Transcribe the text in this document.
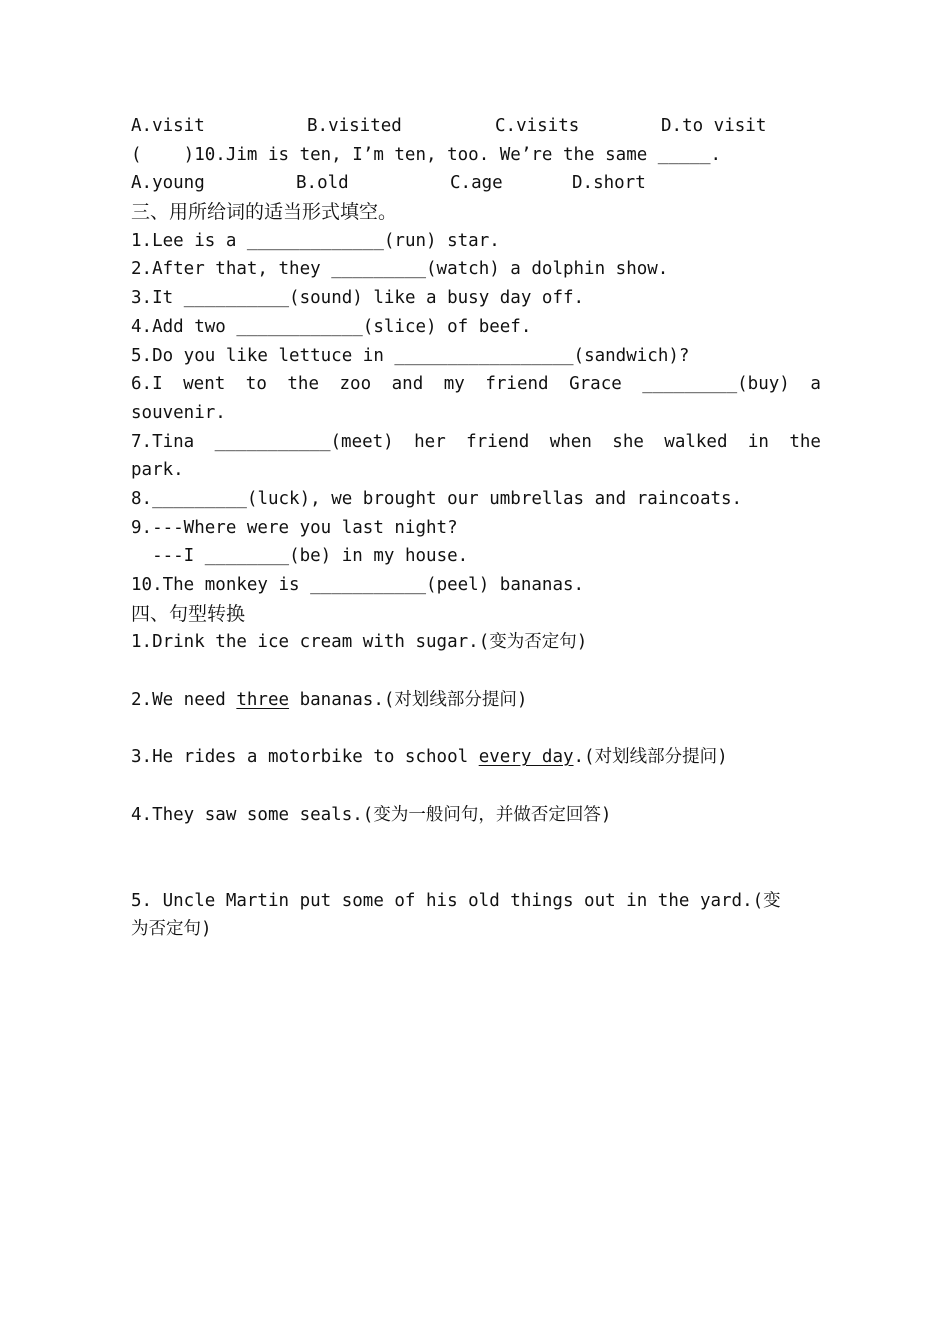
A.visit	B.visited	C.visits	D.to visit
(    )10.Jim is ten, I’m ten, too. We’re the same _____.
A.young	B.old	C.age	D.short
三、用所给词的适当形式填空。
1.Lee is a _____________(run) star.
2.After that, they _________(watch) a dolphin show.
3.It __________(sound) like a busy day off.
4.Add two ____________(slice) of beef.
5.Do you like lettuce in _________________(sandwich)?
6.I went to the zoo and my friend Grace _________(buy) a
souvenir.
7.Tina ___________(meet) her friend when she walked in the
park.
8._________(luck), we brought our umbrellas and raincoats.
9.---Where were you last night?
---I ________(be) in my house.
10.The monkey is ___________(peel) bananas.
四、句型转换
1.Drink the ice cream with sugar.(变为否定句)
2.We need three bananas.(对划线部分提问)
3.He rides a motorbike to school every day.(对划线部分提问)
4.They saw some seals.(变为一般问句，并做否定回答)
5. Uncle Martin put some of his old things out in the yard.(变
为否定句)
